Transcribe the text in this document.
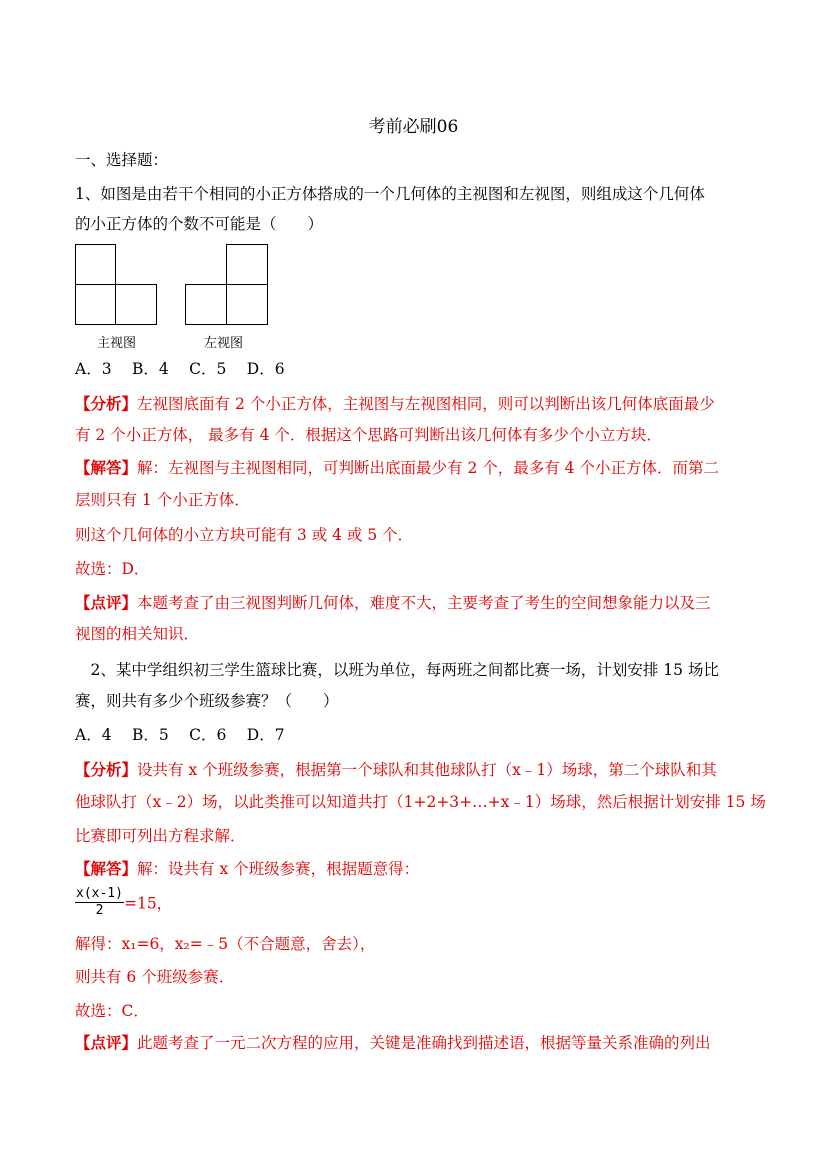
考前必刷06
一、选择题：
1、如图是由若干个相同的小正方体搭成的一个几何体的主视图和左视图，则组成这个几何体
的小正方体的个数不可能是（　　）
主视图	左视图
A．3　 B．4　 C．5　 D．6
【分析】左视图底面有 2 个小正方体，主视图与左视图相同，则可以判断出该几何体底面最少
有 2 个小正方体， 最多有 4 个．根据这个思路可判断出该几何体有多少个小立方块．
【解答】解：左视图与主视图相同，可判断出底面最少有 2 个，最多有 4 个小正方体．而第二
层则只有 1 个小正方体．
则这个几何体的小立方块可能有 3 或 4 或 5 个．
故选：D．
【点评】本题考查了由三视图判断几何体，难度不大，主要考查了考生的空间想象能力以及三
视图的相关知识．
　2、某中学组织初三学生篮球比赛，以班为单位，每两班之间都比赛一场，计划安排 15 场比
赛，则共有多少个班级参赛？（　　）
A．4　 B．5　 C．6　 D．7
【分析】设共有 x 个班级参赛，根据第一个球队和其他球队打（x﹣1）场球，第二个球队和其
他球队打（x﹣2）场，以此类推可以知道共打（1+2+3+…+x﹣1）场球，然后根据计划安排 15 场
比赛即可列出方程求解．
【解答】解：设共有 x 个班级参赛，根据题意得：
$\frac{x(x-1)}{2} =15$，
解得：x₁=6，x₂=﹣5（不合题意，舍去），
则共有 6 个班级参赛．
故选：C．
【点评】此题考查了一元二次方程的应用，关键是准确找到描述语，根据等量关系准确的列出
